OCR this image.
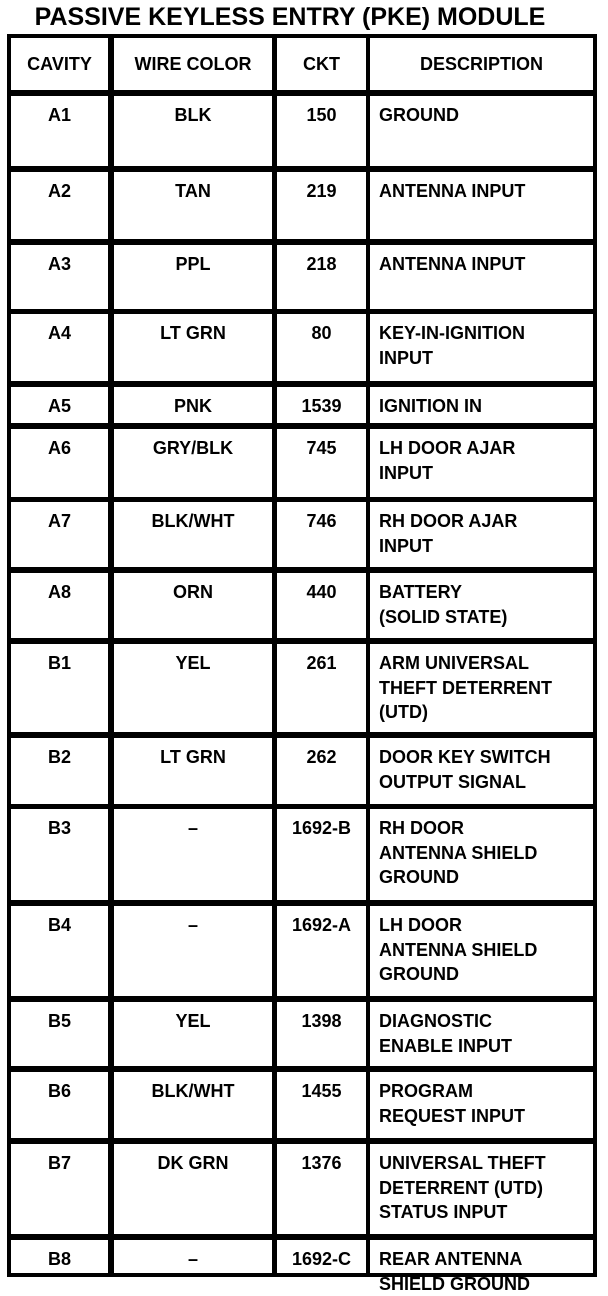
PASSIVE KEYLESS ENTRY (PKE) MODULE
CAVITY	WIRE COLOR	CKT	DESCRIPTION
A1	BLK	150	GROUND
A2	TAN	219	ANTENNA INPUT
A3	PPL	218	ANTENNA INPUT
A4	LT GRN	80	KEY-IN-IGNITION
INPUT
A5	PNK	1539	IGNITION IN
A6	GRY/BLK	745	LH DOOR AJAR
INPUT
A7	BLK/WHT	746	RH DOOR AJAR
INPUT
A8	ORN	440	BATTERY
(SOLID STATE)
B1	YEL	261	ARM UNIVERSAL
THEFT DETERRENT
(UTD)
B2	LT GRN	262	DOOR KEY SWITCH
OUTPUT SIGNAL
B3	–	1692-B	RH DOOR
ANTENNA SHIELD
GROUND
B4	–	1692-A	LH DOOR
ANTENNA SHIELD
GROUND
B5	YEL	1398	DIAGNOSTIC
ENABLE INPUT
B6	BLK/WHT	1455	PROGRAM
REQUEST INPUT
B7	DK GRN	1376	UNIVERSAL THEFT
DETERRENT (UTD)
STATUS INPUT
B8	–	1692-C	REAR ANTENNA
SHIELD GROUND
